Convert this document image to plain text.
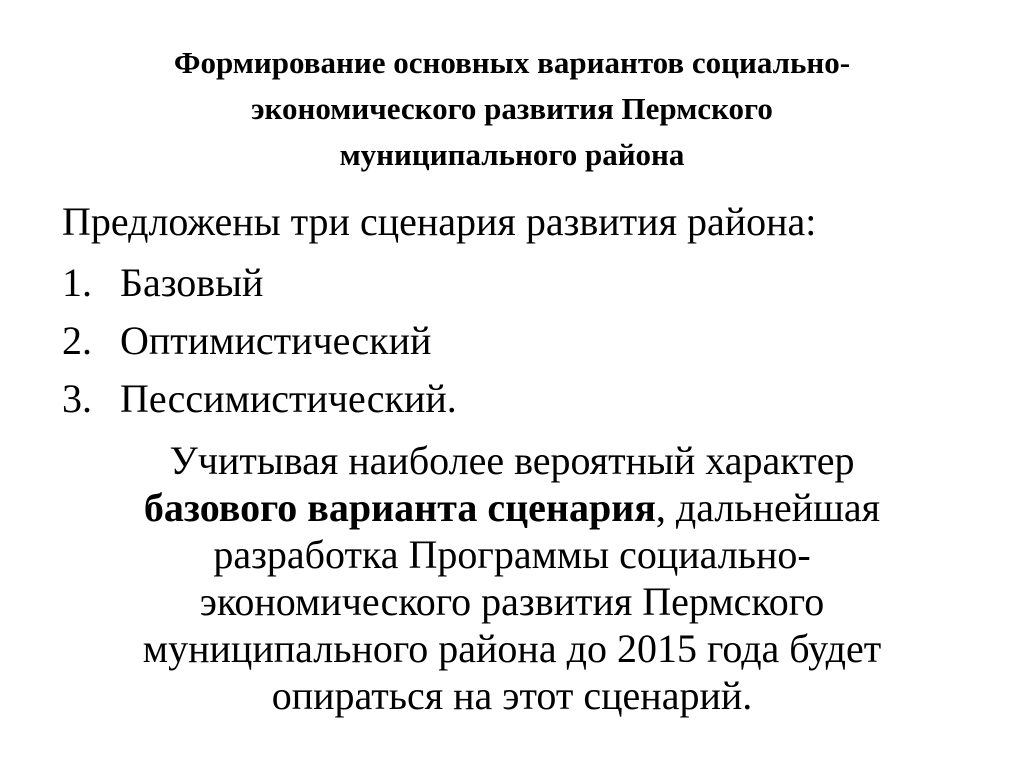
Формирование основных вариантов социально-
экономического развития Пермского
муниципального района
Предложены три сценария развития района:
1. Базовый
2. Оптимистический
3. Пессимистический.
Учитывая наиболее вероятный характер
базового варианта сценария, дальнейшая
разработка Программы социально-
экономического развития Пермского
муниципального района до 2015 года будет
опираться на этот сценарий.
